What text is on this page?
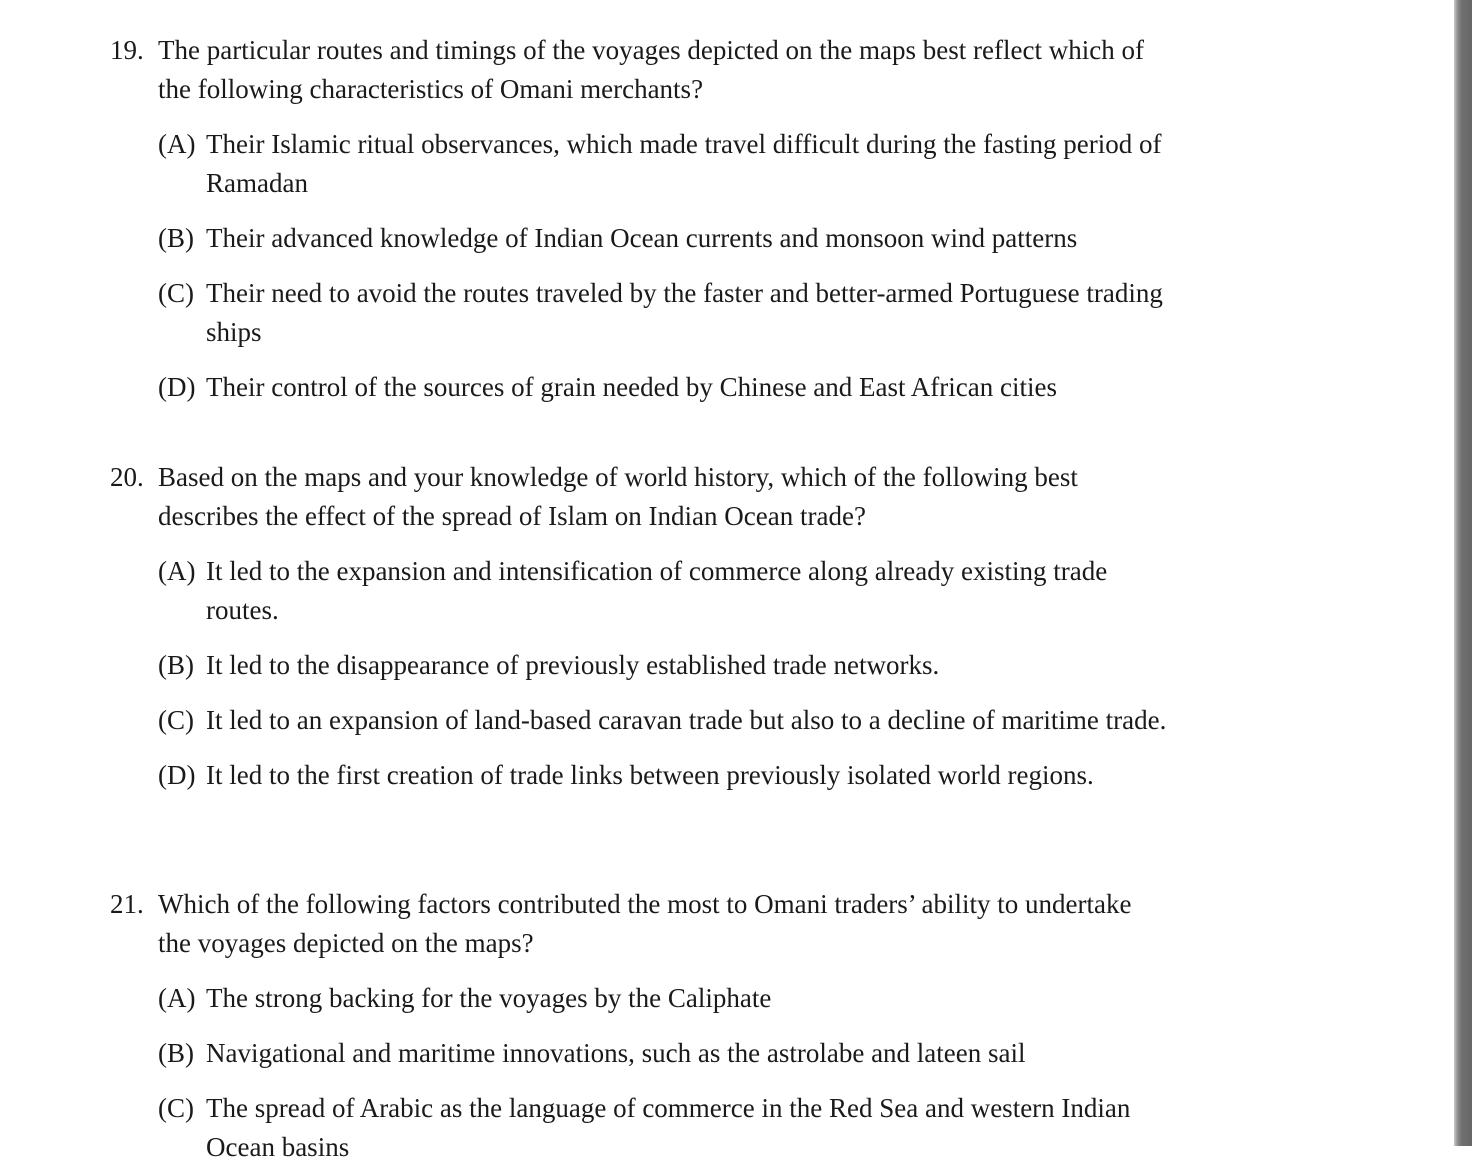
19. The particular routes and timings of the voyages depicted on the maps best reflect which of the following characteristics of Omani merchants?
(A) Their Islamic ritual observances, which made travel difficult during the fasting period of Ramadan
(B) Their advanced knowledge of Indian Ocean currents and monsoon wind patterns
(C) Their need to avoid the routes traveled by the faster and better-armed Portuguese trading ships
(D) Their control of the sources of grain needed by Chinese and East African cities
20. Based on the maps and your knowledge of world history, which of the following best describes the effect of the spread of Islam on Indian Ocean trade?
(A) It led to the expansion and intensification of commerce along already existing trade routes.
(B) It led to the disappearance of previously established trade networks.
(C) It led to an expansion of land-based caravan trade but also to a decline of maritime trade.
(D) It led to the first creation of trade links between previously isolated world regions.
21. Which of the following factors contributed the most to Omani traders’ ability to undertake the voyages depicted on the maps?
(A) The strong backing for the voyages by the Caliphate
(B) Navigational and maritime innovations, such as the astrolabe and lateen sail
(C) The spread of Arabic as the language of commerce in the Red Sea and western Indian Ocean basins
